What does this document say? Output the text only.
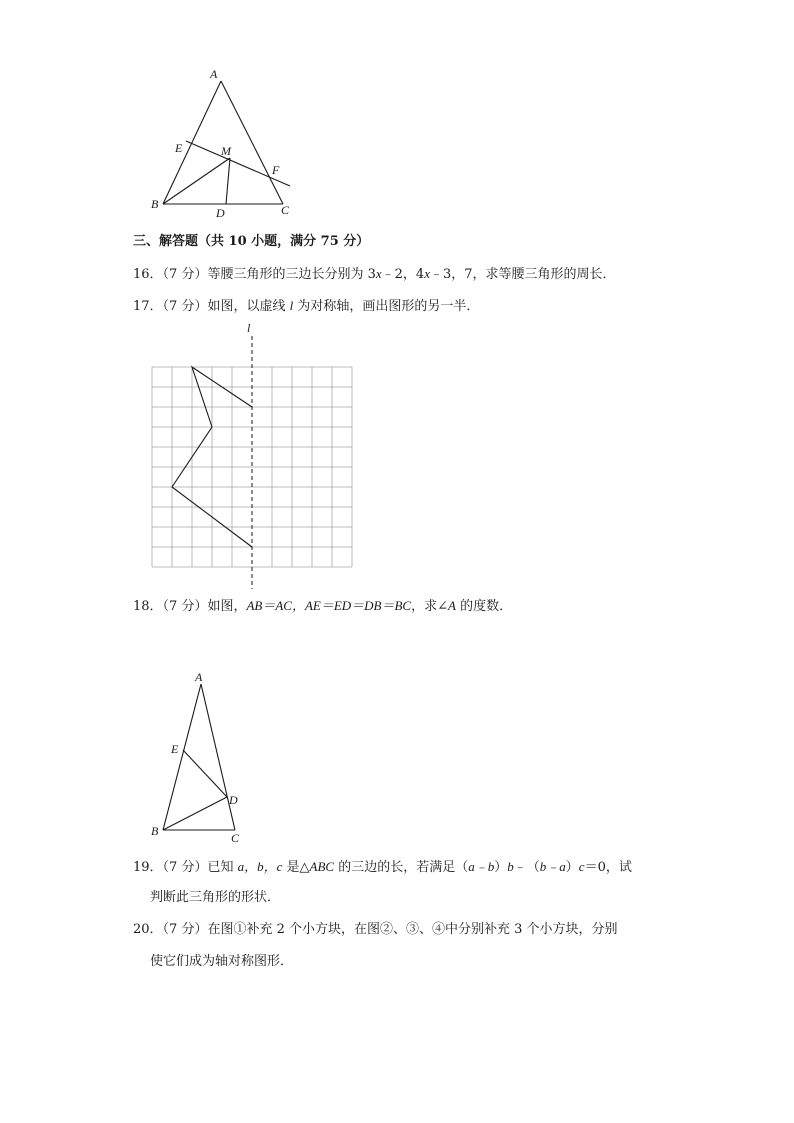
A
E	M
F
B
D	C
三、解答题（共 10 小题，满分 75 分）
16．（7 分）等腰三角形的三边长分别为 3x﹣2，4x﹣3，7，求等腰三角形的周长．
17．（7 分）如图，以虚线 l 为对称轴，画出图形的另一半．
l
18．（7 分）如图，AB＝AC，AE＝ED＝DB＝BC，求∠A 的度数．
A
E
D
B	C
19．（7 分）已知 a，b，c 是△ABC 的三边的长，若满足（a﹣b）b﹣（b﹣a）c＝0，试
判断此三角形的形状．
20．（7 分）在图①补充 2 个小方块，在图②、③、④中分别补充 3 个小方块，分别
使它们成为轴对称图形．
